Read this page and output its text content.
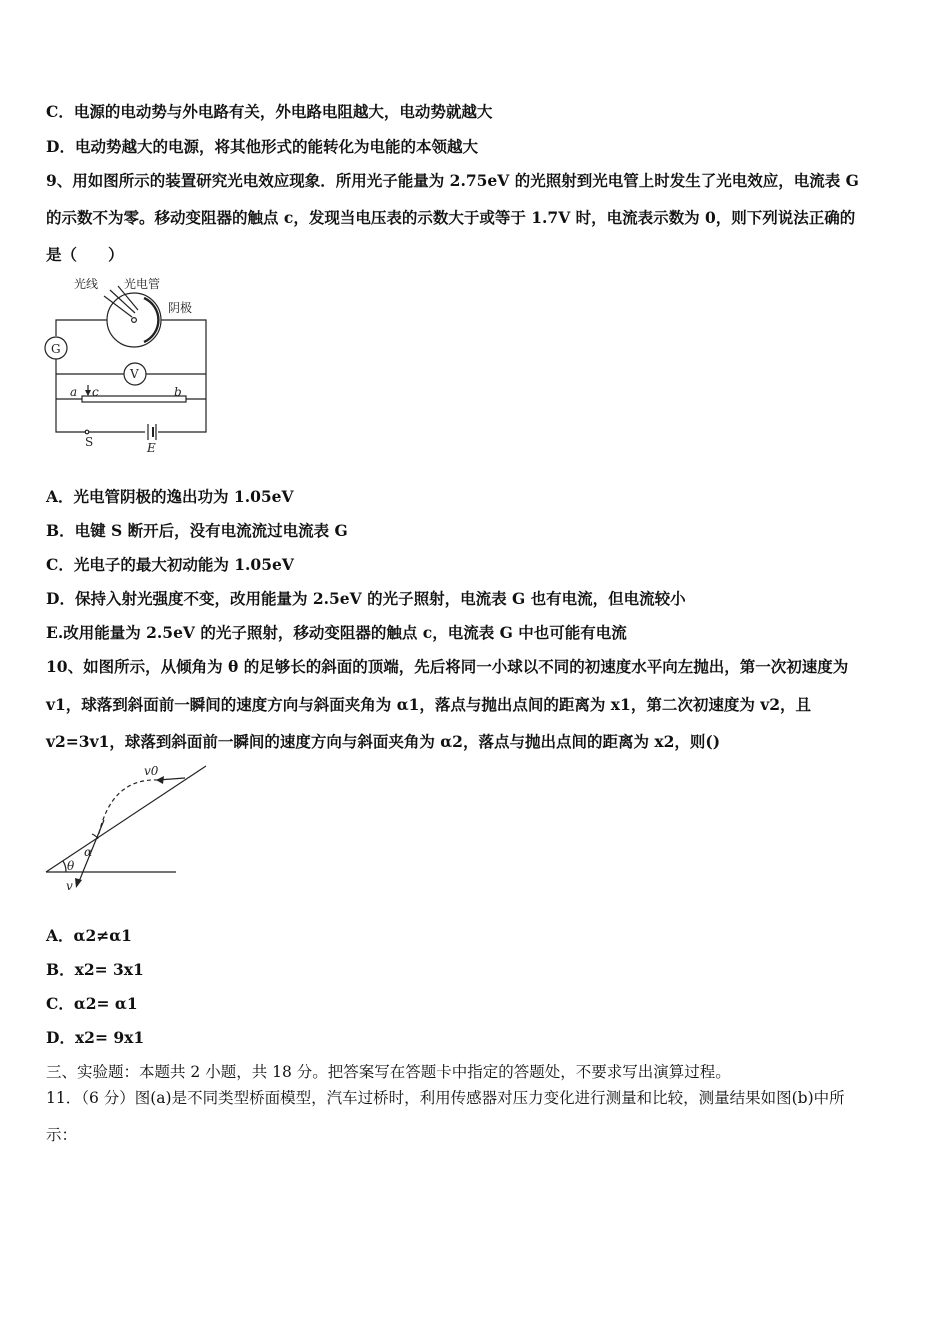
C．电源的电动势与外电路有关，外电路电阻越大，电动势就越大
D．电动势越大的电源，将其他形式的能转化为电能的本领越大
9、用如图所示的装置研究光电效应现象．所用光子能量为 2.75eV 的光照射到光电管上时发生了光电效应，电流表 G
的示数不为零。移动变阻器的触点 c，发现当电压表的示数大于或等于 1.7V 时，电流表示数为 0，则下列说法正确的
是（　　）
光线 光电管
阴极
G
V
a c	b
S	E
A．光电管阴极的逸出功为 1.05eV
B．电键 S 断开后，没有电流流过电流表 G
C．光电子的最大初动能为 1.05eV
D．保持入射光强度不变，改用能量为 2.5eV 的光子照射，电流表 G 也有电流，但电流较小
E.改用能量为 2.5eV 的光子照射，移动变阻器的触点 c，电流表 G 中也可能有电流
10、如图所示，从倾角为 θ 的足够长的斜面的顶端，先后将同一小球以不同的初速度水平向左抛出，第一次初速度为
v1，球落到斜面前一瞬间的速度方向与斜面夹角为 α1，落点与抛出点间的距离为 x1，第二次初速度为 v2，且
v2=3v1，球落到斜面前一瞬间的速度方向与斜面夹角为 α2，落点与抛出点间的距离为 x2，则()
v0
α
θ
v
A．α2≠α1
B．x2= 3x1
C．α2= α1
D．x2= 9x1
三、实验题：本题共 2 小题，共 18 分。把答案写在答题卡中指定的答题处，不要求写出演算过程。
11．（6 分）图(a)是不同类型桥面模型，汽车过桥时，利用传感器对压力变化进行测量和比较，测量结果如图(b)中所
示：
